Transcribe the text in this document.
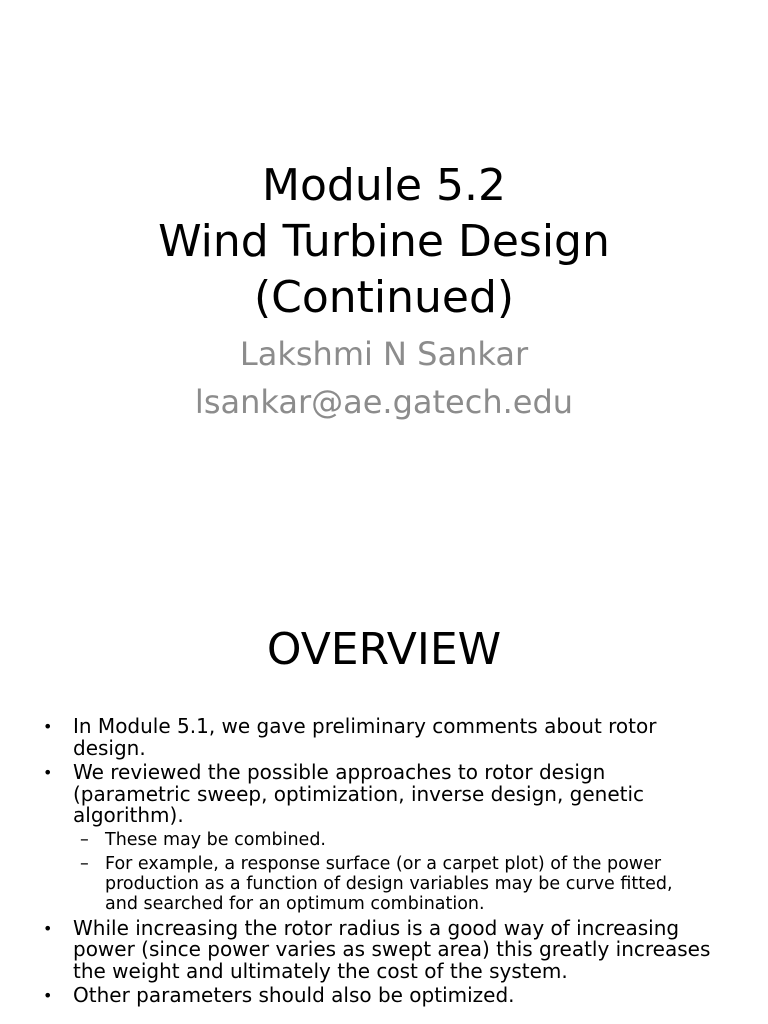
Module 5.2
Wind Turbine Design
(Continued)
Lakshmi N Sankar
lsankar@ae.gatech.edu
OVERVIEW
• In Module 5.1, we gave preliminary comments about rotor design.
• We reviewed the possible approaches to rotor design (parametric sweep, optimization, inverse design, genetic algorithm).
– These may be combined.
– For example, a response surface (or a carpet plot) of the power production as a function of design variables may be curve fitted, and searched for an optimum combination.
• While increasing the rotor radius is a good way of increasing power (since power varies as swept area) this greatly increases the weight and ultimately the cost of the system.
• Other parameters should also be optimized.
